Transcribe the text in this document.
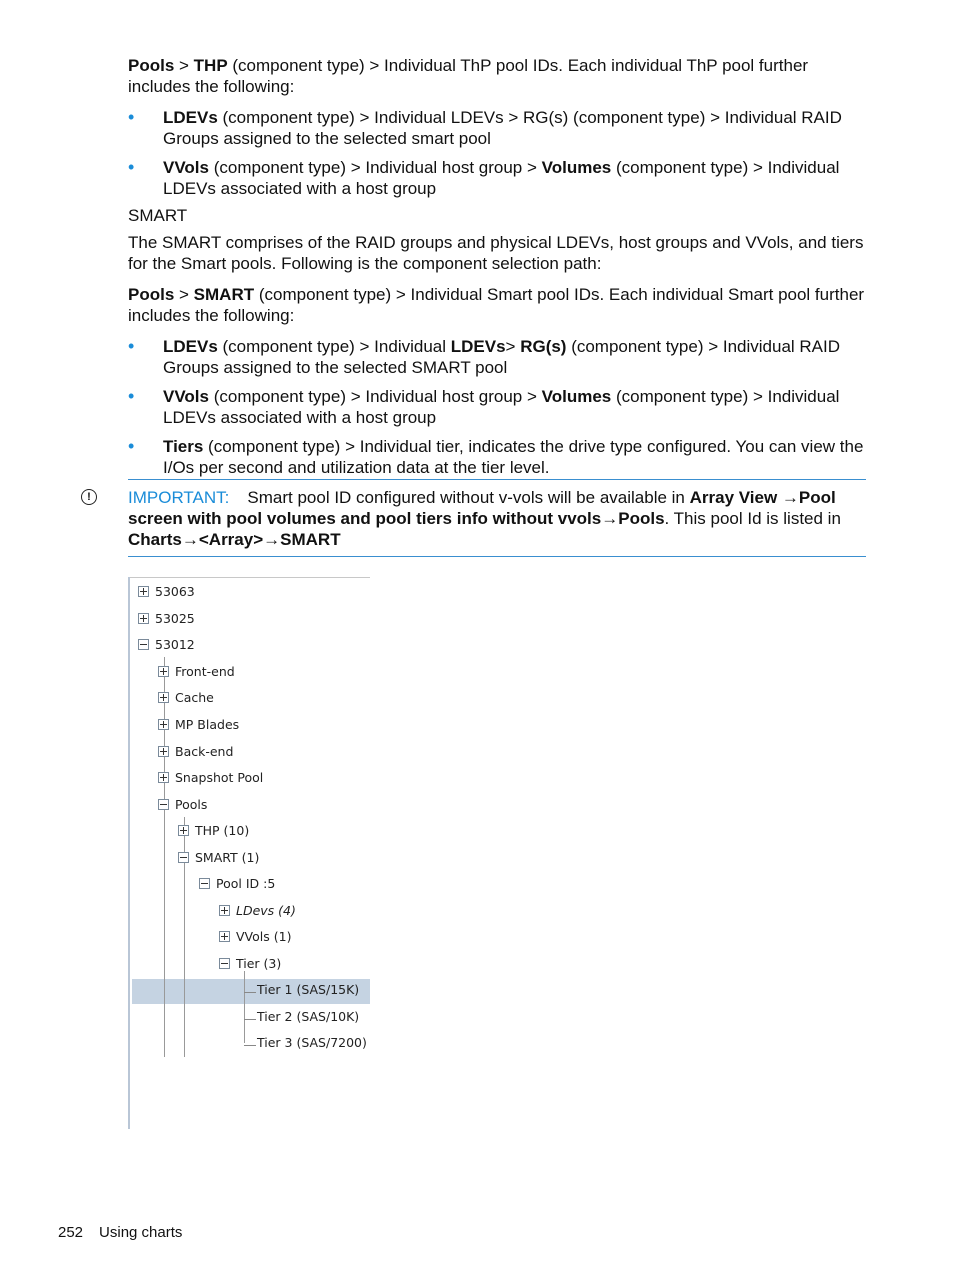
Pools > THP (component type) > Individual ThP pool IDs. Each individual ThP pool further includes the following:

• LDEVs (component type) > Individual LDEVs > RG(s) (component type) > Individual RAID Groups assigned to the selected smart pool
• VVols (component type) > Individual host group > Volumes (component type) > Individual LDEVs associated with a host group

SMART

The SMART comprises of the RAID groups and physical LDEVs, host groups and VVols, and tiers for the Smart pools. Following is the component selection path:

Pools > SMART (component type) > Individual Smart pool IDs. Each individual Smart pool further includes the following:

• LDEVs (component type) > Individual LDEVs> RG(s) (component type) > Individual RAID Groups assigned to the selected SMART pool
• VVols (component type) > Individual host group > Volumes (component type) > Individual LDEVs associated with a host group
• Tiers (component type) > Individual tier, indicates the drive type configured. You can view the I/Os per second and utilization data at the tier level.
!	IMPORTANT: Smart pool ID configured without v-vols will be available in Array View →Pool screen with pool volumes and pool tiers info without vvols→Pools. This pool Id is listed in Charts→<Array>→SMART
53063
53025
53012
Front-end
Cache
MP Blades
Back-end
Snapshot Pool
Pools
THP (10)
SMART (1)
Pool ID :5
LDevs (4)
VVols (1)
Tier (3)
Tier 1 (SAS/15K)
Tier 2 (SAS/10K)
Tier 3 (SAS/7200)
252 Using charts
